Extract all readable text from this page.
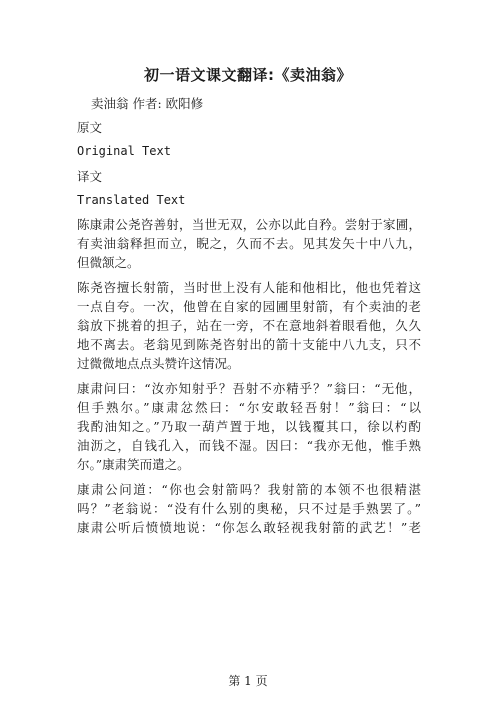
初一语文课文翻译:《卖油翁》
卖油翁 作者: 欧阳修
原文
Original Text
译文
Translated Text
陈康肃公尧咨善射，当世无双，公亦以此自矜。尝射于家圃，
有卖油翁释担而立，睨之，久而不去。见其发矢十中八九，
但微颔之。
陈尧咨擅长射箭，当时世上没有人能和他相比，他也凭着这
一点自夸。一次，他曾在自家的园圃里射箭，有个卖油的老
翁放下挑着的担子，站在一旁，不在意地斜着眼看他，久久
地不离去。老翁见到陈尧咨射出的箭十支能中八九支，只不
过微微地点点头赞许这情况。
康肃问曰：“汝亦知射乎？吾射不亦精乎？”翁曰：“无他，
但手熟尔。”康肃忿然曰：“尔安敢轻吾射！”翁曰：“以
我酌油知之。”乃取一葫芦置于地，以钱覆其口，徐以杓酌
油沥之，自钱孔入，而钱不湿。因曰：“我亦无他，惟手熟
尔。”康肃笑而遣之。
康肃公问道：“你也会射箭吗？我射箭的本领不也很精湛
吗？”老翁说：“没有什么别的奥秘，只不过是手熟罢了。”
康肃公听后愤愤地说：“你怎么敢轻视我射箭的武艺！”老
第 1 页
